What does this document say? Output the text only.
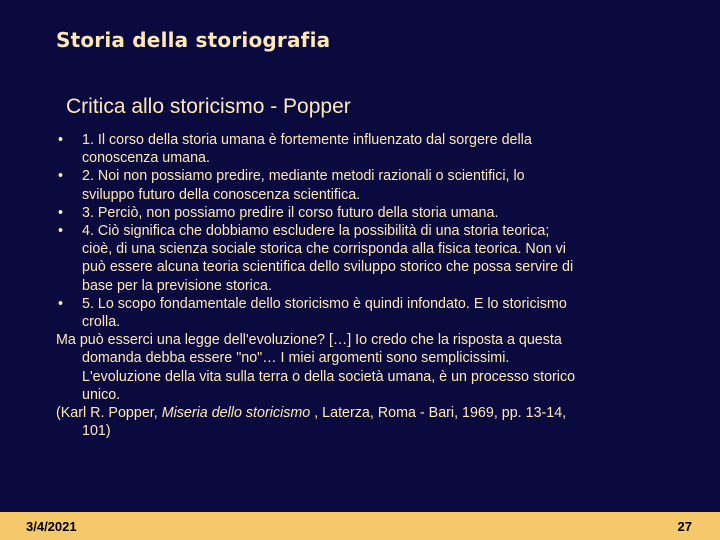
Storia della storiografia
Critica allo storicismo - Popper
• 1. Il corso della storia umana è fortemente influenzato dal sorgere della conoscenza umana.
• 2. Noi non possiamo predire, mediante metodi razionali o scientifici, lo sviluppo futuro della conoscenza scientifica.
• 3. Perciò, non possiamo predire il corso futuro della storia umana.
• 4. Ciò significa che dobbiamo escludere la possibilità di una storia teorica; cioè, di una scienza sociale storica che corrisponda alla fisica teorica. Non vi può essere alcuna teoria scientifica dello sviluppo storico che possa servire di base per la previsione storica.
• 5. Lo scopo fondamentale dello storicismo è quindi infondato. E lo storicismo crolla.
Ma può esserci una legge dell'evoluzione? […] Io credo che la risposta a questa domanda debba essere "no"… I miei argomenti sono semplicissimi. L'evoluzione della vita sulla terra o della società umana, è un processo storico unico.
(Karl R. Popper, Miseria dello storicismo , Laterza, Roma - Bari, 1969, pp. 13-14, 101)
3/4/2021	27
